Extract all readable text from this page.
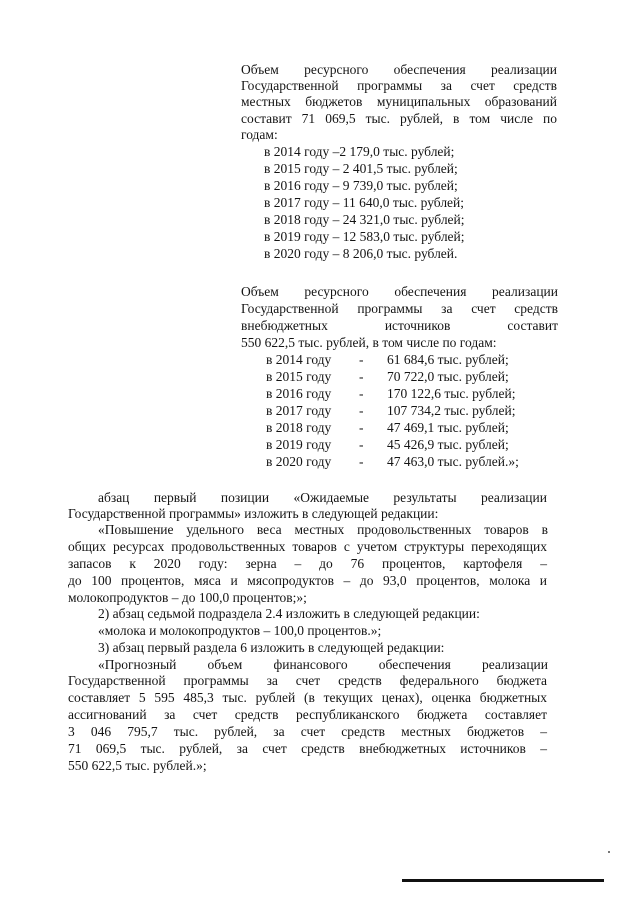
Объем ресурсного обеспечения реализации
Государственной программы за счет средств
местных бюджетов муниципальных образований
составит 71 069,5 тыс. рублей, в том числе по
годам:
в 2014 году –2 179,0 тыс. рублей;
в 2015 году – 2 401,5 тыс. рублей;
в 2016 году – 9 739,0 тыс. рублей;
в 2017 году – 11 640,0 тыс. рублей;
в 2018 году – 24 321,0 тыс. рублей;
в 2019 году – 12 583,0 тыс. рублей;
в 2020 году – 8 206,0 тыс. рублей.
Объем ресурсного обеспечения реализации
Государственной программы за счет средств
внебюджетных	источников	составит
550 622,5 тыс. рублей, в том числе по годам:
в 2014 году	-	61 684,6 тыс. рублей;
в 2015 году	-	70 722,0 тыс. рублей;
в 2016 году	-	170 122,6 тыс. рублей;
в 2017 году	-	107 734,2 тыс. рублей;
в 2018 году	-	47 469,1 тыс. рублей;
в 2019 году	-	45 426,9 тыс. рублей;
в 2020 году	-	47 463,0 тыс. рублей.»;
абзац первый позиции «Ожидаемые результаты реализации
Государственной программы» изложить в следующей редакции:
«Повышение удельного веса местных продовольственных товаров в
общих ресурсах продовольственных товаров с учетом структуры переходящих
запасов к 2020 году: зерна – до 76 процентов, картофеля –
до 100 процентов, мяса и мясопродуктов – до 93,0 процентов, молока и
молокопродуктов – до 100,0 процентов;»;
2) абзац седьмой подраздела 2.4 изложить в следующей редакции:
«молока и молокопродуктов – 100,0 процентов.»;
3) абзац первый раздела 6 изложить в следующей редакции:
«Прогнозный объем финансового обеспечения реализации
Государственной программы за счет средств федерального бюджета
составляет 5 595 485,3 тыс. рублей (в текущих ценах), оценка бюджетных
ассигнований за счет средств республиканского бюджета составляет
3 046 795,7 тыс. рублей, за счет средств местных бюджетов –
71 069,5 тыс. рублей, за счет средств внебюджетных источников –
550 622,5 тыс. рублей.»;
